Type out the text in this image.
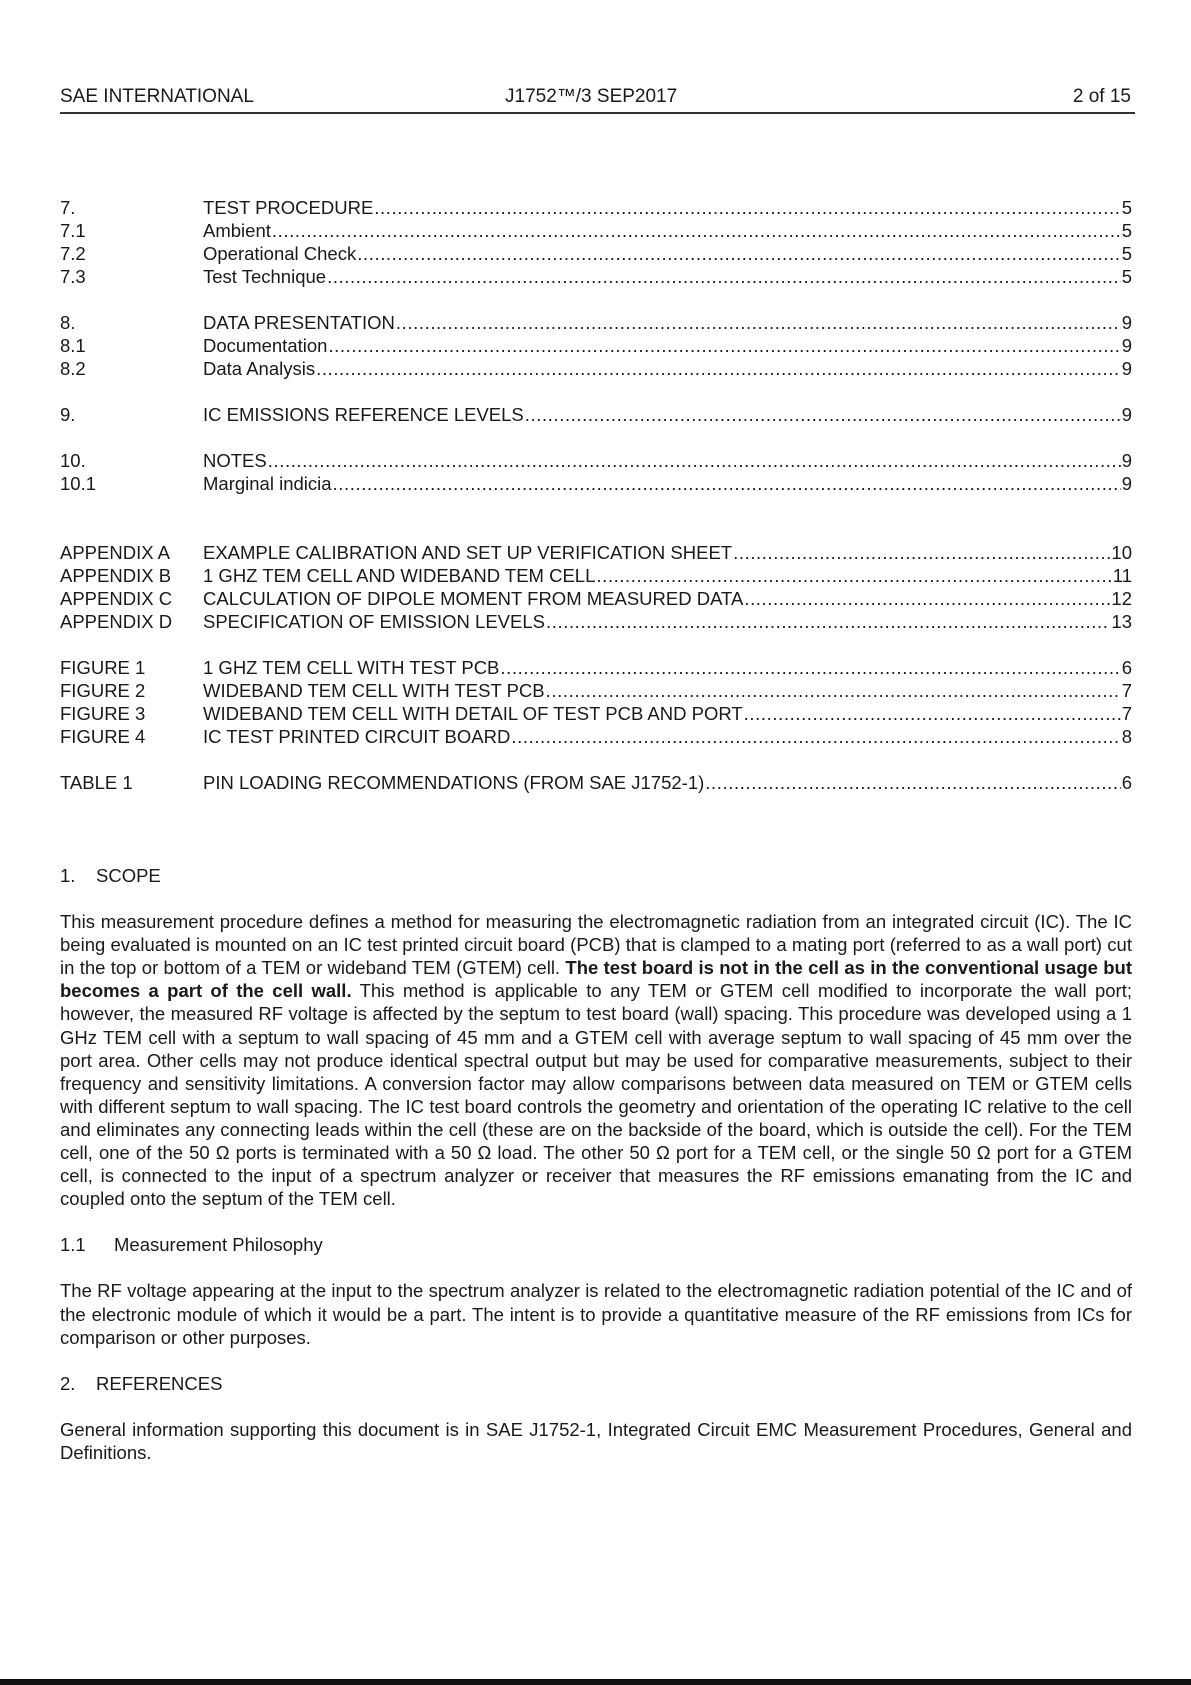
SAE INTERNATIONAL	J1752™/3 SEP2017	2 of 15
7.	TEST PROCEDURE .....	5
7.1	Ambient .....	5
7.2	Operational Check .....	5
7.3	Test Technique .....	5
8.	DATA PRESENTATION .....	9
8.1	Documentation .....	9
8.2	Data Analysis .....	9
9.	IC EMISSIONS REFERENCE LEVELS .....	9
10.	NOTES .....	9
10.1	Marginal indicia .....	9
APPENDIX A	EXAMPLE CALIBRATION AND SET UP VERIFICATION SHEET .....	10
APPENDIX B	1 GHZ TEM CELL AND WIDEBAND TEM CELL .....	11
APPENDIX C	CALCULATION OF DIPOLE MOMENT FROM MEASURED DATA .....	12
APPENDIX D	SPECIFICATION OF EMISSION LEVELS .....	13
FIGURE 1	1 GHZ TEM CELL WITH TEST PCB .....	6
FIGURE 2	WIDEBAND TEM CELL WITH TEST PCB .....	7
FIGURE 3	WIDEBAND TEM CELL WITH DETAIL OF TEST PCB AND PORT .....	7
FIGURE 4	IC TEST PRINTED CIRCUIT BOARD .....	8
TABLE 1	PIN LOADING RECOMMENDATIONS (FROM SAE J1752-1) .....	6
1. SCOPE

This measurement procedure defines a method for measuring the electromagnetic radiation from an integrated circuit (IC). The IC being evaluated is mounted on an IC test printed circuit board (PCB) that is clamped to a mating port (referred to as a wall port) cut in the top or bottom of a TEM or wideband TEM (GTEM) cell. The test board is not in the cell as in the conventional usage but becomes a part of the cell wall. This method is applicable to any TEM or GTEM cell modified to incorporate the wall port; however, the measured RF voltage is affected by the septum to test board (wall) spacing. This procedure was developed using a 1 GHz TEM cell with a septum to wall spacing of 45 mm and a GTEM cell with average septum to wall spacing of 45 mm over the port area. Other cells may not produce identical spectral output but may be used for comparative measurements, subject to their frequency and sensitivity limitations. A conversion factor may allow comparisons between data measured on TEM or GTEM cells with different septum to wall spacing. The IC test board controls the geometry and orientation of the operating IC relative to the cell and eliminates any connecting leads within the cell (these are on the backside of the board, which is outside the cell). For the TEM cell, one of the 50 Ω ports is terminated with a 50 Ω load. The other 50 Ω port for a TEM cell, or the single 50 Ω port for a GTEM cell, is connected to the input of a spectrum analyzer or receiver that measures the RF emissions emanating from the IC and coupled onto the septum of the TEM cell.

1.1 Measurement Philosophy

The RF voltage appearing at the input to the spectrum analyzer is related to the electromagnetic radiation potential of the IC and of the electronic module of which it would be a part. The intent is to provide a quantitative measure of the RF emissions from ICs for comparison or other purposes.

2. REFERENCES

General information supporting this document is in SAE J1752-1, Integrated Circuit EMC Measurement Procedures, General and Definitions.
